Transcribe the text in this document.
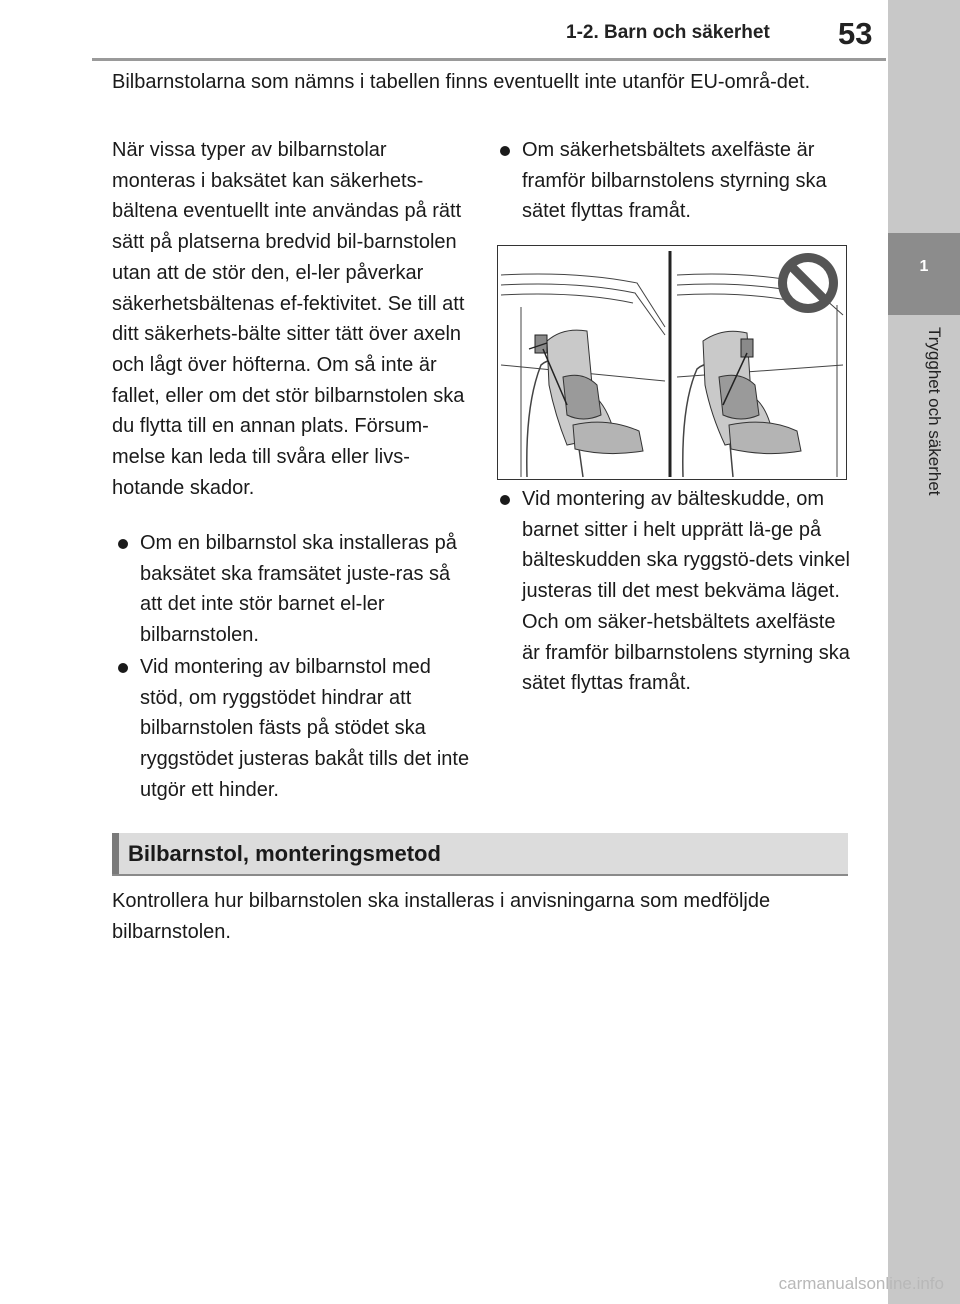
1-2. Barn och säkerhet 53
1
Trygghet och säkerhet

Bilbarnstolarna som nämns i tabellen finns eventuellt inte utanför EU-områ-det.

När vissa typer av bilbarnstolar monteras i baksätet kan säkerhets-bältena eventuellt inte användas på rätt sätt på platserna bredvid bil-barnstolen utan att de stör den, el-ler påverkar säkerhetsbältenas ef-fektivitet. Se till att ditt säkerhets-bälte sitter tätt över axeln och lågt över höfterna. Om så inte är fallet, eller om det stör bilbarnstolen ska du flytta till en annan plats. Försum-melse kan leda till svåra eller livs-hotande skador.

Om en bilbarnstol ska installeras på baksätet ska framsätet juste-ras så att det inte stör barnet el-ler bilbarnstolen.
Vid montering av bilbarnstol med stöd, om ryggstödet hindrar att bilbarnstolen fästs på stödet ska ryggstödet justeras bakåt tills det inte utgör ett hinder.
Om säkerhetsbältets axelfäste är framför bilbarnstolens styrning ska sätet flyttas framåt.
Vid montering av bälteskudde, om barnet sitter i helt upprätt lä-ge på bälteskudden ska ryggstö-dets vinkel justeras till det mest bekväma läget. Och om säker-hetsbältets axelfäste är framför bilbarnstolens styrning ska sätet flyttas framåt.
Bilbarnstol, monteringsmetod

Kontrollera hur bilbarnstolen ska installeras i anvisningarna som medföljde bilbarnstolen.

carmanualsonline.info
